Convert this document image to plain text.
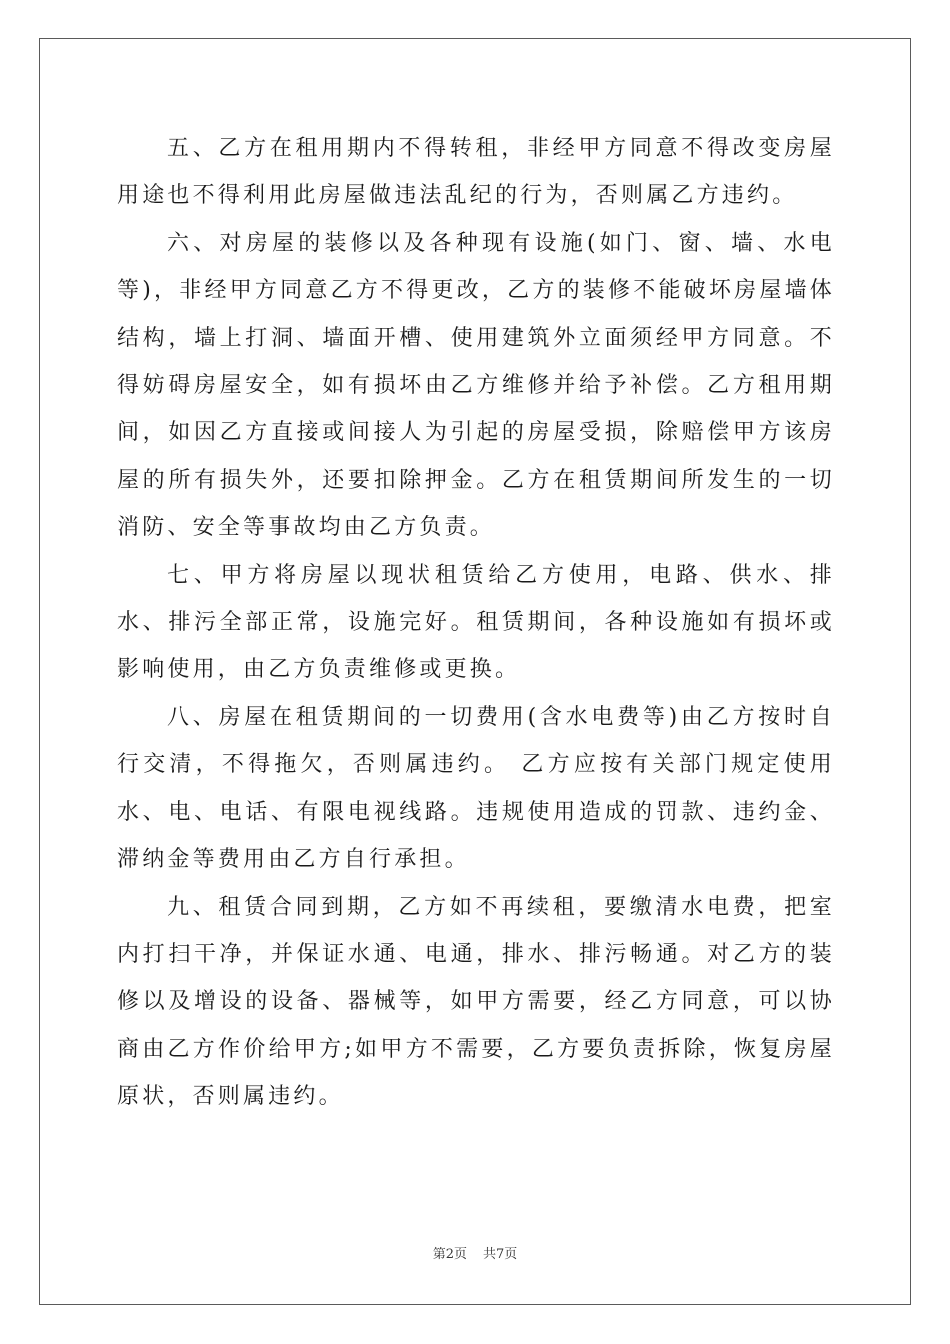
五、乙方在租用期内不得转租，非经甲方同意不得改变房屋用途也不得利用此房屋做违法乱纪的行为，否则属乙方违约。

六、对房屋的装修以及各种现有设施(如门、窗、墙、水电等)，非经甲方同意乙方不得更改，乙方的装修不能破坏房屋墙体结构，墙上打洞、墙面开槽、使用建筑外立面须经甲方同意。不得妨碍房屋安全，如有损坏由乙方维修并给予补偿。乙方租用期间，如因乙方直接或间接人为引起的房屋受损，除赔偿甲方该房屋的所有损失外，还要扣除押金。乙方在租赁期间所发生的一切消防、安全等事故均由乙方负责。

七、甲方将房屋以现状租赁给乙方使用，电路、供水、排水、排污全部正常，设施完好。租赁期间，各种设施如有损坏或影响使用，由乙方负责维修或更换。

八、房屋在租赁期间的一切费用(含水电费等)由乙方按时自行交清，不得拖欠，否则属违约。 乙方应按有关部门规定使用水、电、电话、有限电视线路。违规使用造成的罚款、违约金、滞纳金等费用由乙方自行承担。

九、租赁合同到期，乙方如不再续租，要缴清水电费，把室内打扫干净，并保证水通、电通，排水、排污畅通。对乙方的装修以及增设的设备、器械等，如甲方需要，经乙方同意，可以协商由乙方作价给甲方;如甲方不需要，乙方要负责拆除，恢复房屋原状，否则属违约。

第2页 共7页
